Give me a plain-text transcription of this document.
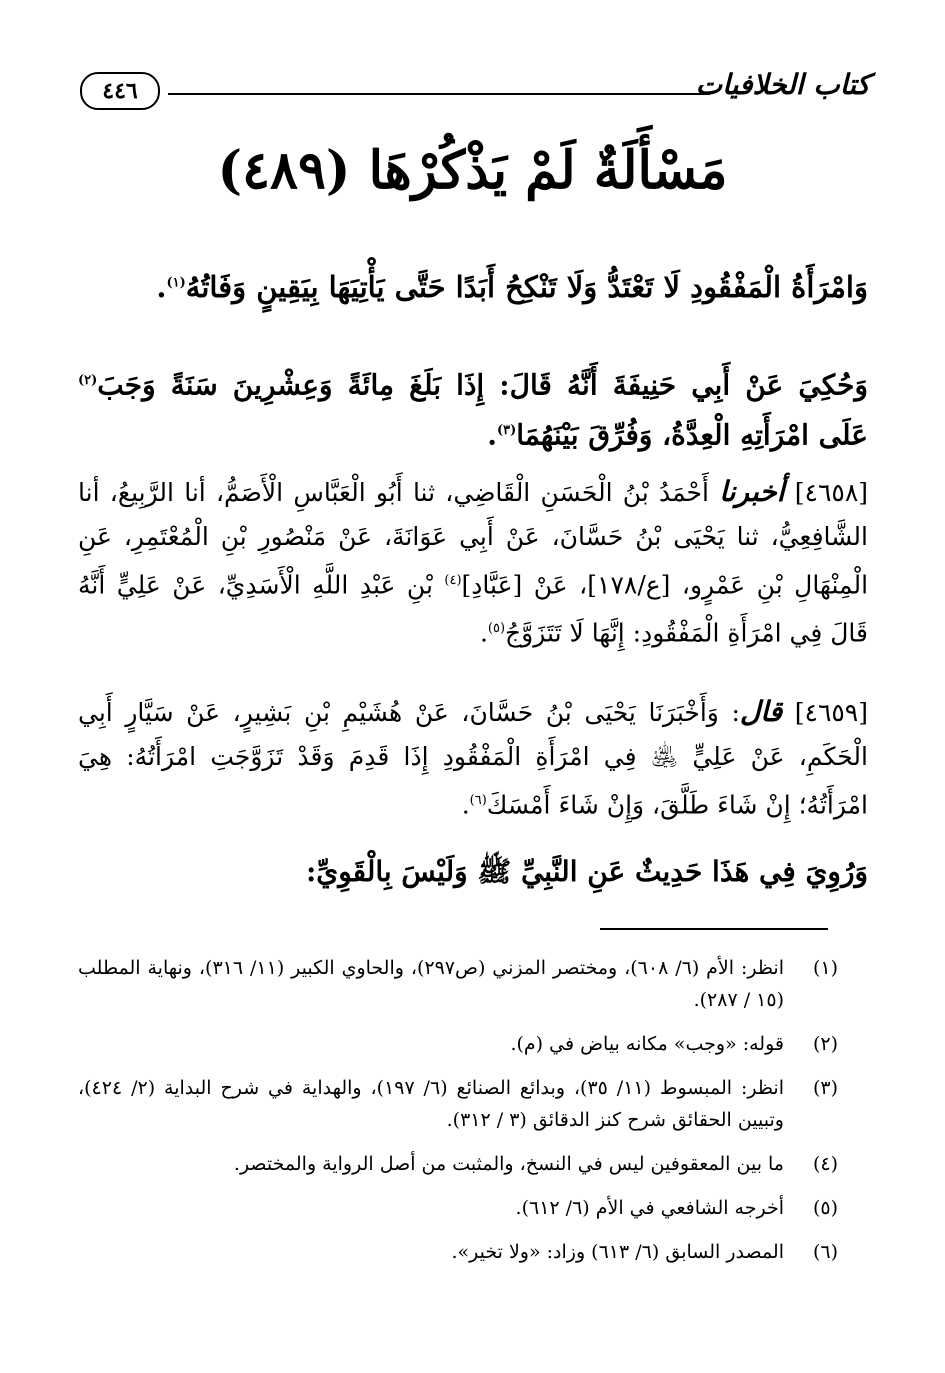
٤٤٦	كتاب الخلافيات
مَسْأَلَةٌ لَمْ يَذْكُرْهَا (٤٨٩)
وَامْرَأَةُ الْمَفْقُودِ لَا تَعْتَدُّ وَلَا تَنْكِحُ أَبَدًا حَتَّى يَأْتِيَهَا بِيَقِينٍ وَفَاتُهُ$^{(١)}$.
وَحُكِيَ عَنْ أَبِي حَنِيفَةَ أَنَّهُ قَالَ: إِذَا بَلَغَ مِائَةً وَعِشْرِينَ سَنَةً وَجَبَ$^{(٢)}$ عَلَى امْرَأَتِهِ الْعِدَّةُ، وَفُرِّقَ بَيْنَهُمَا$^{(٣)}$.
[٤٦٥٨] أخبرنا أَحْمَدُ بْنُ الْحَسَنِ الْقَاضِي، ثنا أَبُو الْعَبَّاسِ الْأَصَمُّ، أنا الرَّبِيعُ، أنا الشَّافِعِيُّ، ثنا يَحْيَى بْنُ حَسَّانَ، عَنْ أَبِي عَوَانَةَ، عَنْ مَنْصُورِ بْنِ الْمُعْتَمِرِ، عَنِ الْمِنْهَالِ بْنِ عَمْرٍو، [ع/١٧٨]، عَنْ [عَبَّادِ]$^{(٤)}$ بْنِ عَبْدِ اللَّهِ الْأَسَدِيِّ، عَنْ عَلِيٍّ أَنَّهُ قَالَ فِي امْرَأَةِ الْمَفْقُودِ: إِنَّهَا لَا تَتَزَوَّجُ$^{(٥)}$.
[٤٦٥٩] قال: وَأَخْبَرَنَا يَحْيَى بْنُ حَسَّانَ، عَنْ هُشَيْمِ بْنِ بَشِيرٍ، عَنْ سَيَّارٍ أَبِي الْحَكَمِ، عَنْ عَلِيٍّ ﵁ فِي امْرَأَةِ الْمَفْقُودِ إِذَا قَدِمَ وَقَدْ تَزَوَّجَتِ امْرَأَتُهُ: هِيَ امْرَأَتُهُ؛ إِنْ شَاءَ طَلَّقَ، وَإِنْ شَاءَ أَمْسَكَ$^{(٦)}$.
وَرُوِيَ فِي هَذَا حَدِيثٌ عَنِ النَّبِيِّ ﷺ وَلَيْسَ بِالْقَوِيِّ:
(١)
انظر: الأم (٦/ ٦٠٨)، ومختصر المزني (ص٢٩٧)، والحاوي الكبير (١١/ ٣١٦)، ونهاية المطلب (١٥ / ٢٨٧).
(٢)
قوله: «وجب» مكانه بياض في (م).
(٣)
انظر: المبسوط (١١/ ٣٥)، وبدائع الصنائع (٦/ ١٩٧)، والهداية في شرح البداية (٢/ ٤٢٤)، وتبيين الحقائق شرح كنز الدقائق (٣ / ٣١٢).
(٤)
ما بين المعقوفين ليس في النسخ، والمثبت من أصل الرواية والمختصر.
(٥)
أخرجه الشافعي في الأم (٦/ ٦١٢).
(٦)
المصدر السابق (٦/ ٦١٣) وزاد: «ولا تخير».
